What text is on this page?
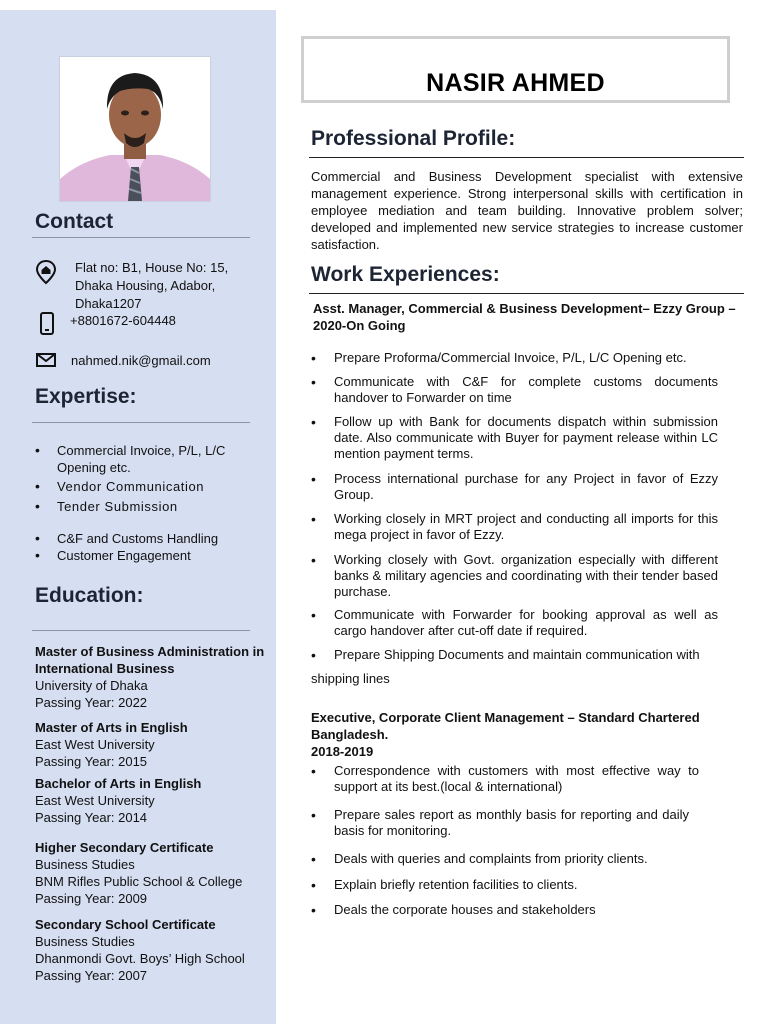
Contact
Flat no: B1, House No: 15,
Dhaka Housing, Adabor,
Dhaka1207
+8801672-604448
nahmed.nik@gmail.com
Expertise:
• Commercial Invoice, P/L, L/C Opening etc.
• Vendor Communication
• Tender Submission
• C&F and Customs Handling
• Customer Engagement
Education:
Master of Business Administration in International Business
University of Dhaka
Passing Year: 2022
Master of Arts in English
East West University
Passing Year: 2015
Bachelor of Arts in English
East West University
Passing Year: 2014
Higher Secondary Certificate
Business Studies
BNM Rifles Public School & College
Passing Year: 2009
Secondary School Certificate
Business Studies
Dhanmondi Govt. Boys’ High School
Passing Year: 2007
NASIR AHMED
Professional Profile:

Commercial and Business Development specialist with extensive management experience. Strong interpersonal skills with certification in employee mediation and team building. Innovative problem solver; developed and implemented new service strategies to increase customer satisfaction.

Work Experiences:
Asst. Manager, Commercial & Business Development– Ezzy Group – 2020-On Going
• Prepare Proforma/Commercial Invoice, P/L, L/C Opening etc.
• Communicate with C&F for complete customs documents handover to Forwarder on time
• Follow up with Bank for documents dispatch within submission date. Also communicate with Buyer for payment release within LC mention payment terms.
• Process international purchase for any Project in favor of Ezzy Group.
• Working closely in MRT project and conducting all imports for this mega project in favor of Ezzy.
• Working closely with Govt. organization especially with different banks & military agencies and coordinating with their tender based purchase.
• Communicate with Forwarder for booking approval as well as cargo handover after cut-off date if required.
• Prepare Shipping Documents and maintain communication with
shipping lines
Executive, Corporate Client Management – Standard Chartered Bangladesh.
2018-2019
• Correspondence with customers with most effective way to support at its best.(local & international)
• Prepare sales report as monthly basis for reporting and daily basis for monitoring.
• Deals with queries and complaints from priority clients.
• Explain briefly retention facilities to clients.
• Deals the corporate houses and stakeholders
